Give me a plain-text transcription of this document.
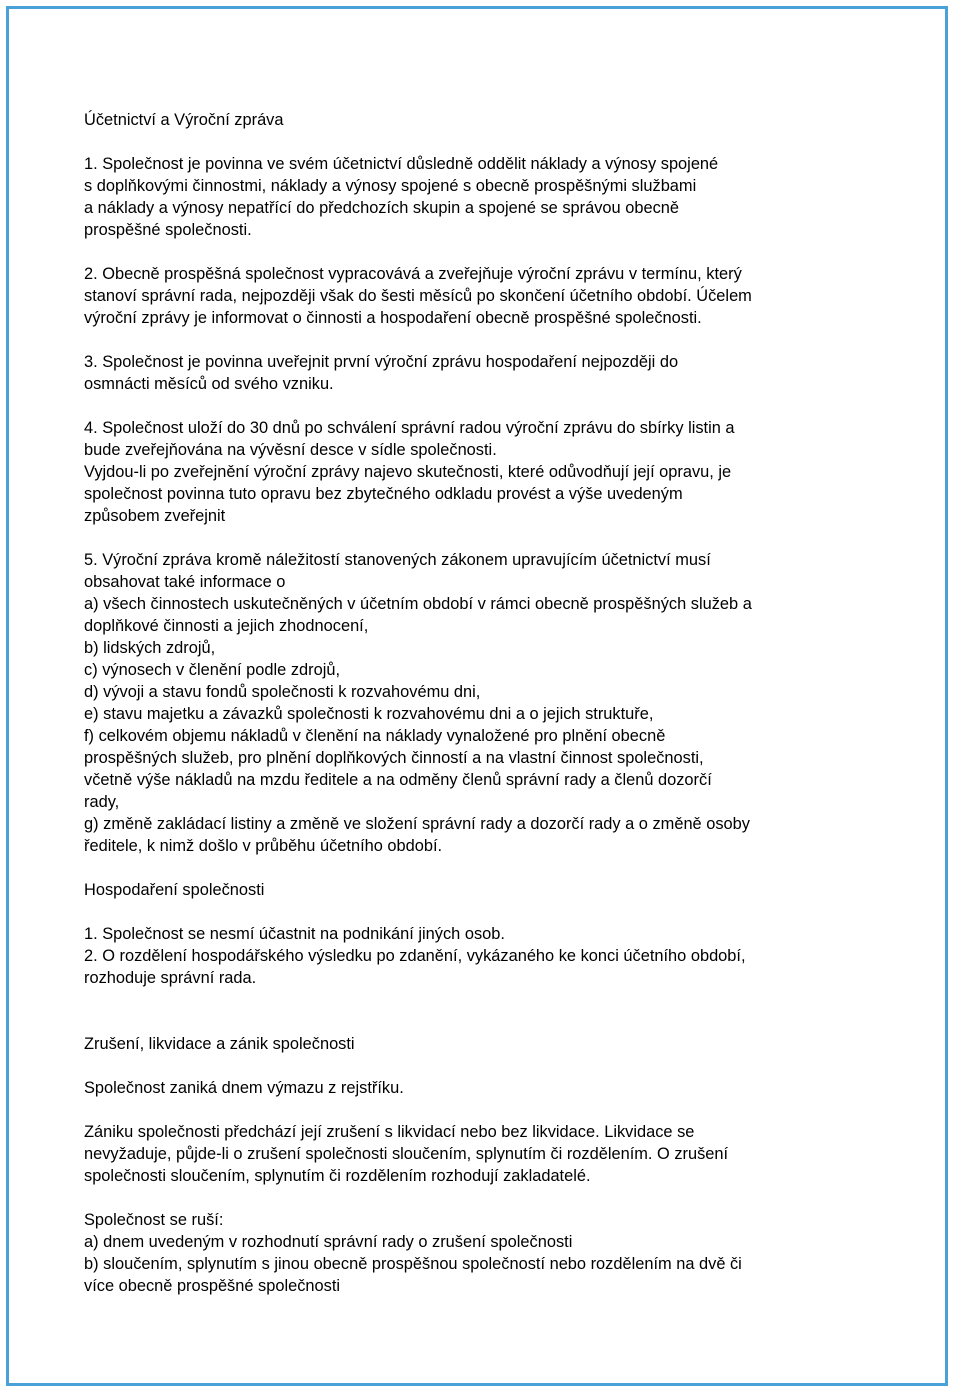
Účetnictví a Výroční zpráva

1. Společnost je povinna ve svém účetnictví důsledně oddělit náklady a výnosy spojené
s doplňkovými činnostmi, náklady a výnosy spojené s obecně prospěšnými službami
a náklady a výnosy nepatřící do předchozích skupin a spojené se správou obecně
prospěšné společnosti.

2. Obecně prospěšná společnost vypracovává a zveřejňuje výroční zprávu v termínu, který
stanoví správní rada, nejpozději však do šesti měsíců po skončení účetního období. Účelem
výroční zprávy je informovat o činnosti a hospodaření obecně prospěšné společnosti.

3. Společnost je povinna uveřejnit první výroční zprávu hospodaření nejpozději do
osmnácti měsíců od svého vzniku.

4. Společnost uloží do 30 dnů po schválení správní radou výroční zprávu do sbírky listin a
bude zveřejňována na vývěsní desce v sídle společnosti.
Vyjdou-li po zveřejnění výroční zprávy najevo skutečnosti, které odůvodňují její opravu, je
společnost povinna tuto opravu bez zbytečného odkladu provést a výše uvedeným
způsobem zveřejnit

5. Výroční zpráva kromě náležitostí stanovených zákonem upravujícím účetnictví musí
obsahovat také informace o
a) všech činnostech uskutečněných v účetním období v rámci obecně prospěšných služeb a
doplňkové činnosti a jejich zhodnocení,
b) lidských zdrojů,
c) výnosech v členění podle zdrojů,
d) vývoji a stavu fondů společnosti k rozvahovému dni,
e) stavu majetku a závazků společnosti k rozvahovému dni a o jejich struktuře,
f) celkovém objemu nákladů v členění na náklady vynaložené pro plnění obecně
prospěšných služeb, pro plnění doplňkových činností a na vlastní činnost společnosti,
včetně výše nákladů na mzdu ředitele a na odměny členů správní rady a členů dozorčí
rady,
g) změně zakládací listiny a změně ve složení správní rady a dozorčí rady a o změně osoby
ředitele, k nimž došlo v průběhu účetního období.

Hospodaření společnosti

1. Společnost se nesmí účastnit na podnikání jiných osob.
2. O rozdělení hospodářského výsledku po zdanění, vykázaného ke konci účetního období,
rozhoduje správní rada.

Zrušení, likvidace a zánik společnosti

Společnost zaniká dnem výmazu z rejstříku.

Zániku společnosti předchází její zrušení s likvidací nebo bez likvidace. Likvidace se
nevyžaduje, půjde-li o zrušení společnosti sloučením, splynutím či rozdělením. O zrušení
společnosti sloučením, splynutím či rozdělením rozhodují zakladatelé.

Společnost se ruší:
a) dnem uvedeným v rozhodnutí správní rady o zrušení společnosti
b) sloučením, splynutím s jinou obecně prospěšnou společností nebo rozdělením na dvě či
více obecně prospěšné společnosti
